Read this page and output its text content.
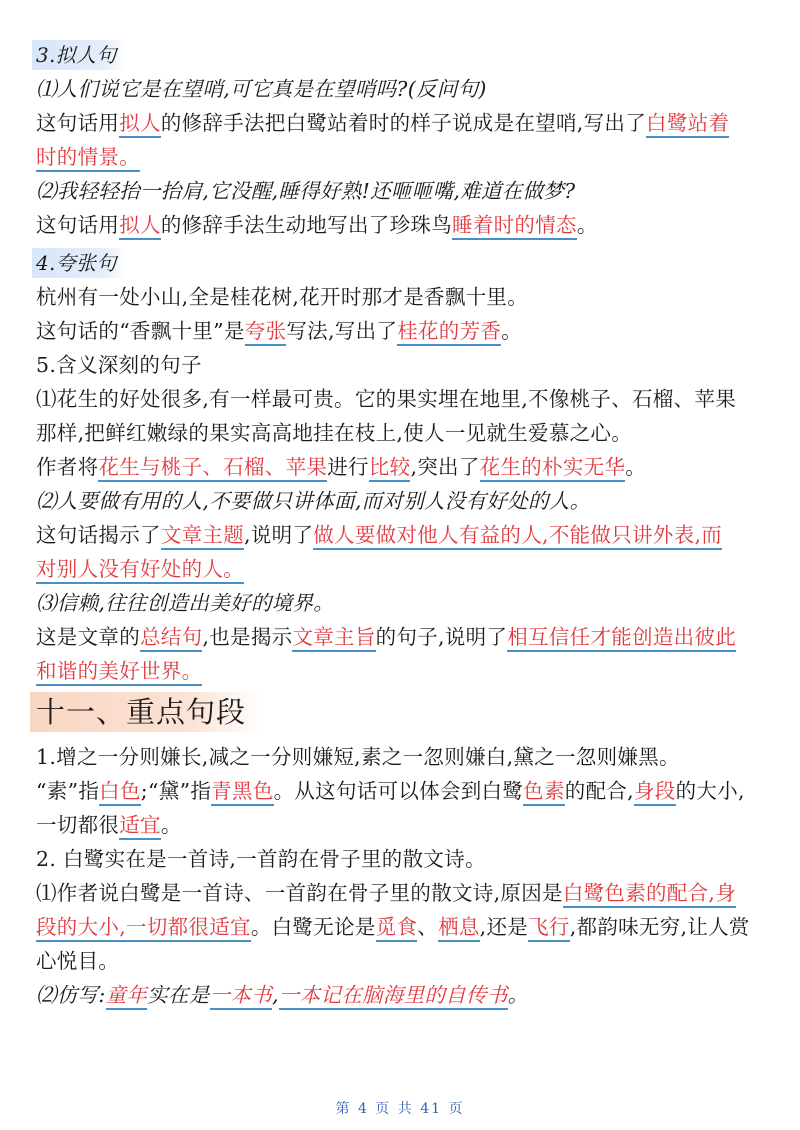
3.拟人句
⑴人们说它是在望哨,可它真是在望哨吗?(反问句)
这句话用拟人的修辞手法把白鹭站着时的样子说成是在望哨,写出了白鹭站着
时的情景。
⑵我轻轻抬一抬肩,它没醒,睡得好熟!还咂咂嘴,难道在做梦?
这句话用拟人的修辞手法生动地写出了珍珠鸟睡着时的情态。
4.夸张句
杭州有一处小山,全是桂花树,花开时那才是香飘十里。
这句话的“香飘十里”是夸张写法,写出了桂花的芳香。
5.含义深刻的句子
⑴花生的好处很多,有一样最可贵。它的果实埋在地里,不像桃子、石榴、苹果
那样,把鲜红嫩绿的果实高高地挂在枝上,使人一见就生爱慕之心。
作者将花生与桃子、石榴、苹果进行比较,突出了花生的朴实无华。
⑵人要做有用的人,不要做只讲体面,而对别人没有好处的人。
这句话揭示了文章主题,说明了做人要做对他人有益的人,不能做只讲外表,而
对别人没有好处的人。
⑶信赖,往往创造出美好的境界。
这是文章的总结句,也是揭示文章主旨的句子,说明了相互信任才能创造出彼此
和谐的美好世界。
十一、重点句段
1.增之一分则嫌长,减之一分则嫌短,素之一忽则嫌白,黛之一忽则嫌黑。
“素”指白色;“黛”指青黑色。从这句话可以体会到白鹭色素的配合,身段的大小,
一切都很适宜。
2. 白鹭实在是一首诗,一首韵在骨子里的散文诗。
⑴作者说白鹭是一首诗、一首韵在骨子里的散文诗,原因是白鹭色素的配合,身
段的大小,一切都很适宜。白鹭无论是觅食、栖息,还是飞行,都韵味无穷,让人赏
心悦目。
⑵仿写:童年实在是一本书,一本记在脑海里的自传书。
第 4 页 共 41 页
